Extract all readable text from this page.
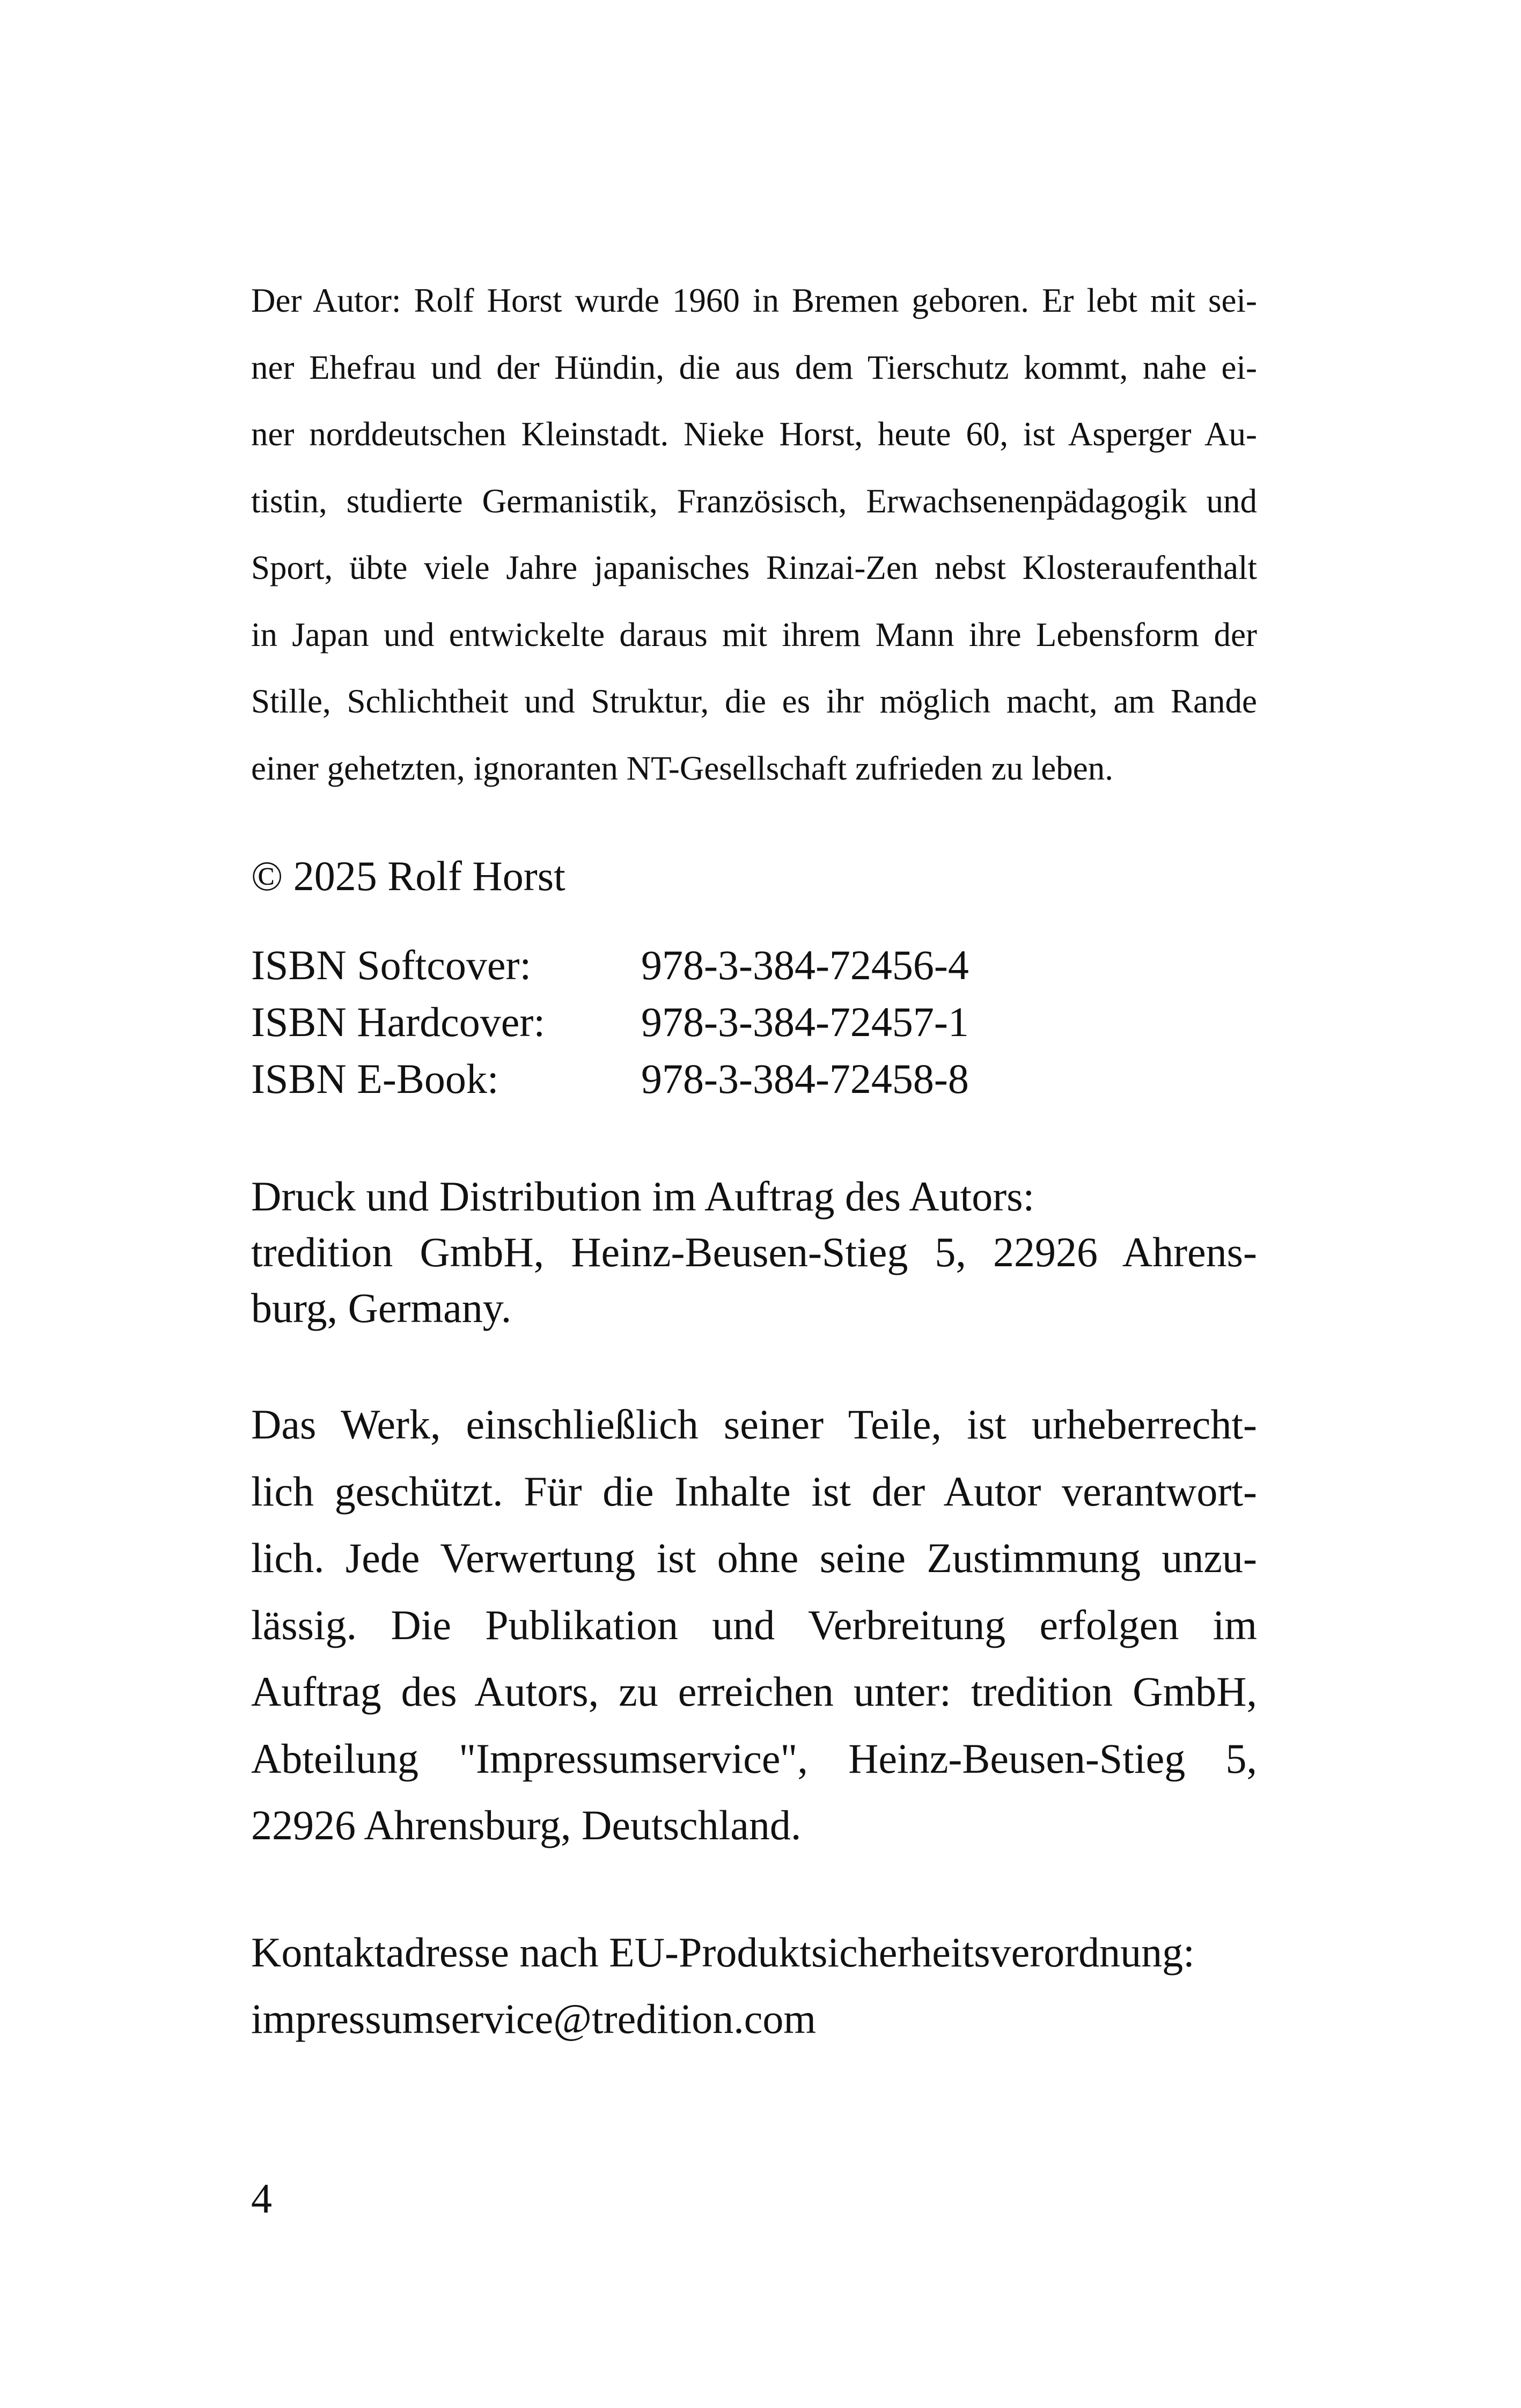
Der Autor: Rolf Horst wurde 1960 in Bremen geboren. Er lebt mit sei-
ner Ehefrau und der Hündin, die aus dem Tierschutz kommt, nahe ei-
ner norddeutschen Kleinstadt. Nieke Horst, heute 60, ist Asperger Au-
tistin, studierte Germanistik, Französisch, Erwachsenenpädagogik und
Sport, übte viele Jahre japanisches Rinzai-Zen nebst Klosteraufenthalt
in Japan und entwickelte daraus mit ihrem Mann ihre Lebensform der
Stille, Schlichtheit und Struktur, die es ihr möglich macht, am Rande
einer gehetzten, ignoranten NT-Gesellschaft zufrieden zu leben.
© 2025 Rolf Horst
ISBN Softcover:	978-3-384-72456-4
ISBN Hardcover:	978-3-384-72457-1
ISBN E-Book:	978-3-384-72458-8
Druck und Distribution im Auftrag des Autors:
tredition GmbH, Heinz-Beusen-Stieg 5, 22926 Ahrens-
burg, Germany.
Das Werk, einschließlich seiner Teile, ist urheberrecht-
lich geschützt. Für die Inhalte ist der Autor verantwort-
lich. Jede Verwertung ist ohne seine Zustimmung unzu-
lässig. Die Publikation und Verbreitung erfolgen im
Auftrag des Autors, zu erreichen unter: tredition GmbH,
Abteilung "Impressumservice", Heinz-Beusen-Stieg 5,
22926 Ahrensburg, Deutschland.
Kontaktadresse nach EU-Produktsicherheitsverordnung:
impressumservice@tredition.com
4
